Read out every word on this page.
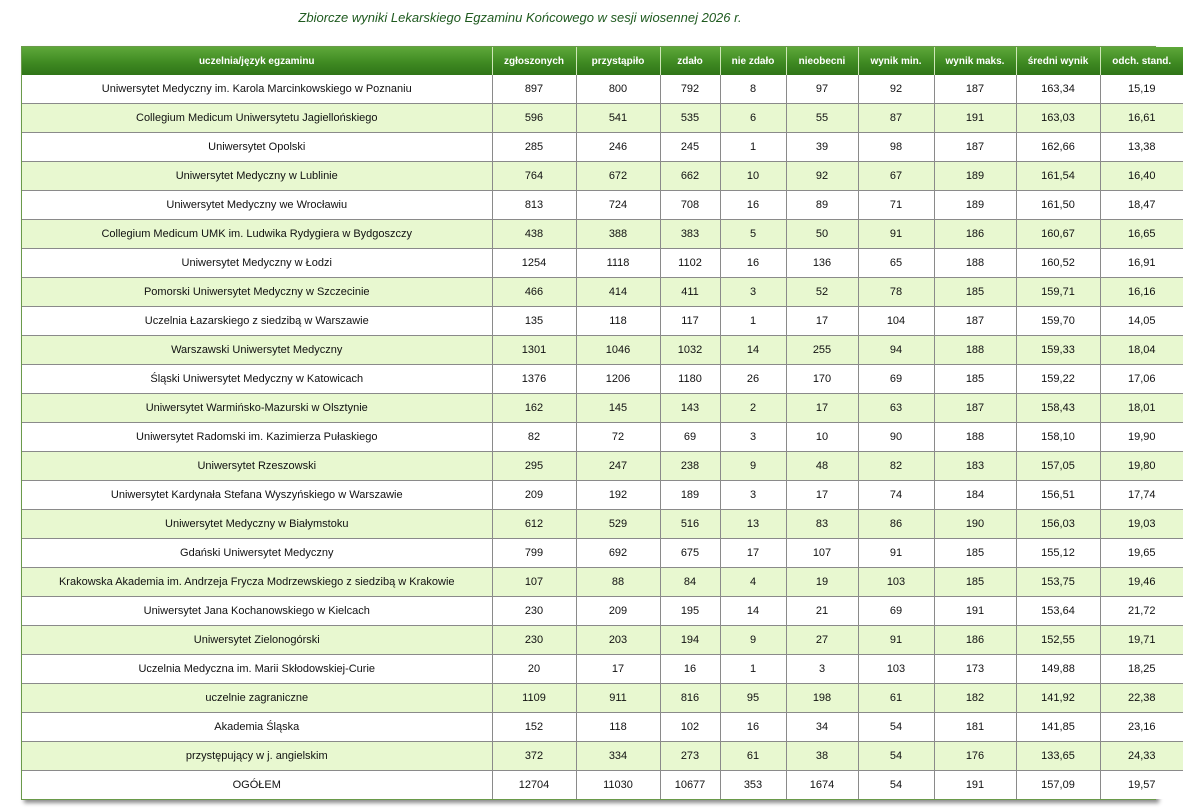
Zbiorcze wyniki Lekarskiego Egzaminu Końcowego w sesji wiosennej 2026 r.
uczelnia/język egzaminu	zgłoszonych	przystąpiło	zdało	nie zdało	nieobecni	wynik min.	wynik maks.	średni wynik	odch. stand.
Uniwersytet Medyczny im. Karola Marcinkowskiego w Poznaniu	897	800	792	8	97	92	187	163,34	15,19
Collegium Medicum Uniwersytetu Jagiellońskiego	596	541	535	6	55	87	191	163,03	16,61
Uniwersytet Opolski	285	246	245	1	39	98	187	162,66	13,38
Uniwersytet Medyczny w Lublinie	764	672	662	10	92	67	189	161,54	16,40
Uniwersytet Medyczny we Wrocławiu	813	724	708	16	89	71	189	161,50	18,47
Collegium Medicum UMK im. Ludwika Rydygiera w Bydgoszczy	438	388	383	5	50	91	186	160,67	16,65
Uniwersytet Medyczny w Łodzi	1254	1118	1102	16	136	65	188	160,52	16,91
Pomorski Uniwersytet Medyczny w Szczecinie	466	414	411	3	52	78	185	159,71	16,16
Uczelnia Łazarskiego z siedzibą w Warszawie	135	118	117	1	17	104	187	159,70	14,05
Warszawski Uniwersytet Medyczny	1301	1046	1032	14	255	94	188	159,33	18,04
Śląski Uniwersytet Medyczny w Katowicach	1376	1206	1180	26	170	69	185	159,22	17,06
Uniwersytet Warmińsko-Mazurski w Olsztynie	162	145	143	2	17	63	187	158,43	18,01
Uniwersytet Radomski im. Kazimierza Pułaskiego	82	72	69	3	10	90	188	158,10	19,90
Uniwersytet Rzeszowski	295	247	238	9	48	82	183	157,05	19,80
Uniwersytet Kardynała Stefana Wyszyńskiego w Warszawie	209	192	189	3	17	74	184	156,51	17,74
Uniwersytet Medyczny w Białymstoku	612	529	516	13	83	86	190	156,03	19,03
Gdański Uniwersytet Medyczny	799	692	675	17	107	91	185	155,12	19,65
Krakowska Akademia im. Andrzeja Frycza Modrzewskiego z siedzibą w Krakowie	107	88	84	4	19	103	185	153,75	19,46
Uniwersytet Jana Kochanowskiego w Kielcach	230	209	195	14	21	69	191	153,64	21,72
Uniwersytet Zielonogórski	230	203	194	9	27	91	186	152,55	19,71
Uczelnia Medyczna im. Marii Skłodowskiej-Curie	20	17	16	1	3	103	173	149,88	18,25
uczelnie zagraniczne	1109	911	816	95	198	61	182	141,92	22,38
Akademia Śląska	152	118	102	16	34	54	181	141,85	23,16
przystępujący w j. angielskim	372	334	273	61	38	54	176	133,65	24,33
OGÓŁEM	12704	11030	10677	353	1674	54	191	157,09	19,57
